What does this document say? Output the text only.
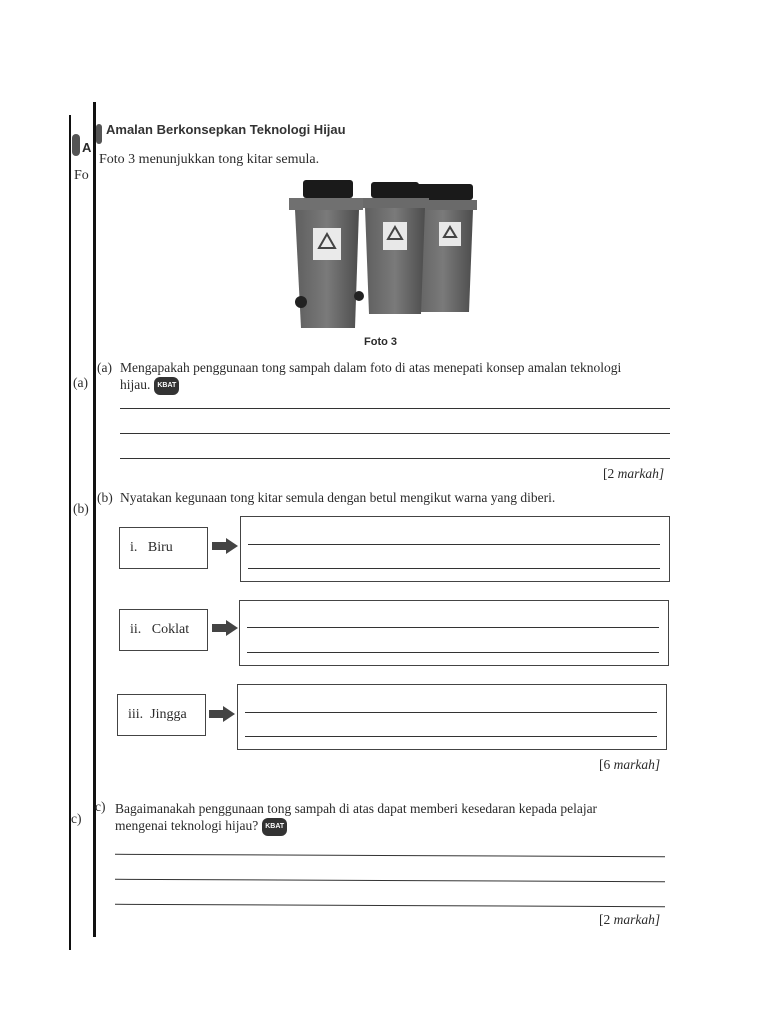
A
Amalan Berkonsepkan Teknologi Hijau
Fo
Foto 3 menunjukkan tong kitar semula.
Foto 3
(a)
(a) Mengapakah penggunaan tong sampah dalam foto di atas menepati konsep amalan teknologi
hijau. KBAT
[2 markah]
(b)
(b) Nyatakan kegunaan tong kitar semula dengan betul mengikut warna yang diberi.
i.   Biru
ii.   Coklat
iii.  Jingga
[6 markah]
c)
c) Bagaimanakah penggunaan tong sampah di atas dapat memberi kesedaran kepada pelajar
mengenai teknologi hijau? KBAT
[2 markah]
